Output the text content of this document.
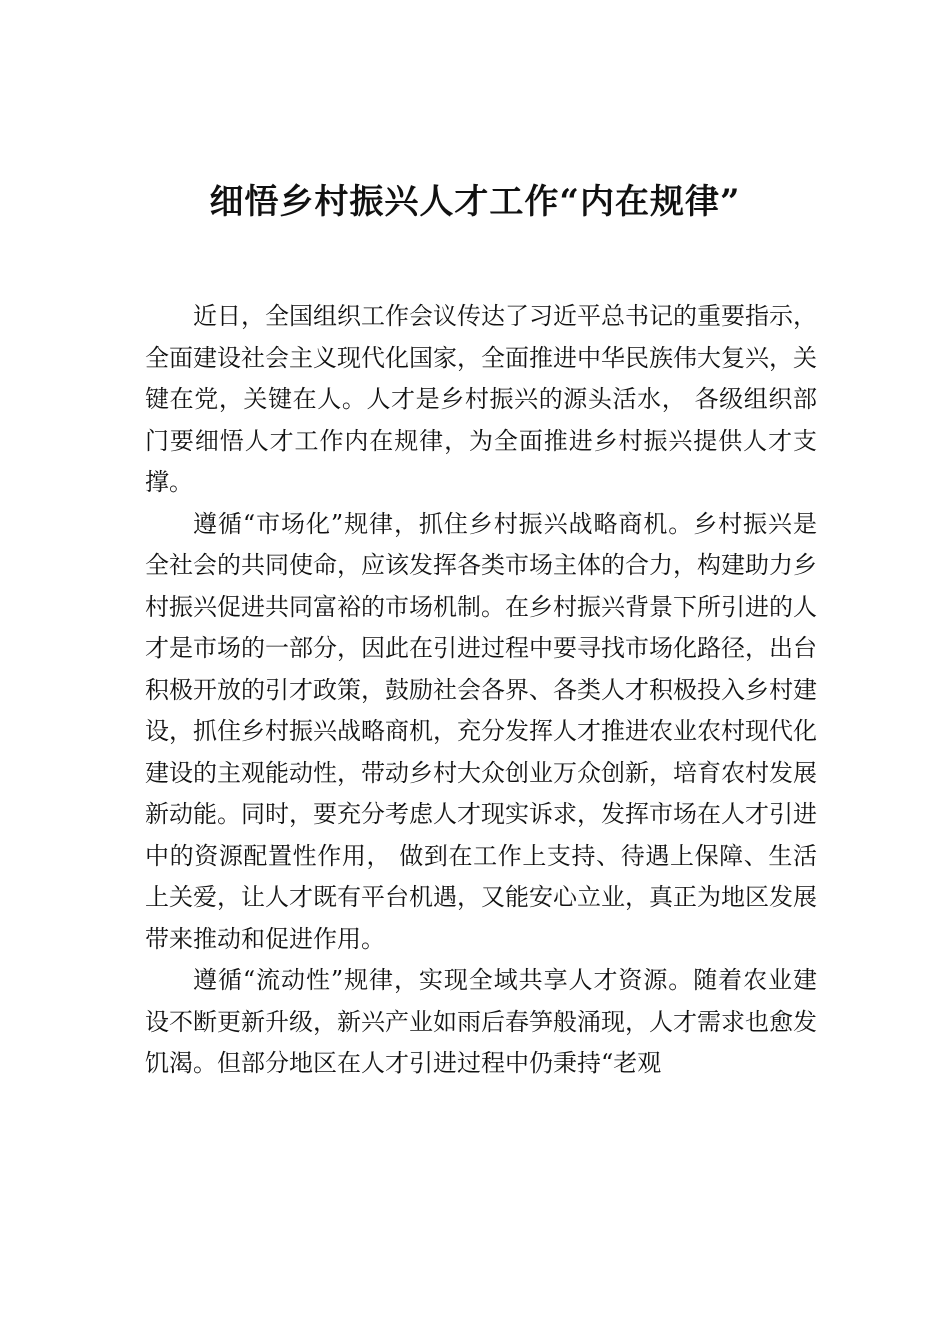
细悟乡村振兴人才工作“内在规律”

近日，全国组织工作会议传达了习近平总书记的重要指示，全面建设社会主义现代化国家，全面推进中华民族伟大复兴，关键在党，关键在人。人才是乡村振兴的源头活水， 各级组织部门要细悟人才工作内在规律，为全面推进乡村振兴提供人才支撑。

遵循“市场化”规律，抓住乡村振兴战略商机。乡村振兴是全社会的共同使命，应该发挥各类市场主体的合力，构建助力乡村振兴促进共同富裕的市场机制。在乡村振兴背景下所引进的人才是市场的一部分，因此在引进过程中要寻找市场化路径，出台积极开放的引才政策，鼓励社会各界、各类人才积极投入乡村建设，抓住乡村振兴战略商机，充分发挥人才推进农业农村现代化建设的主观能动性，带动乡村大众创业万众创新，培育农村发展新动能。同时，要充分考虑人才现实诉求，发挥市场在人才引进中的资源配置性作用， 做到在工作上支持、待遇上保障、生活上关爱，让人才既有平台机遇，又能安心立业，真正为地区发展带来推动和促进作用。

遵循“流动性”规律，实现全域共享人才资源。随着农业建设不断更新升级，新兴产业如雨后春笋般涌现，人才需求也愈发饥渴。但部分地区在人才引进过程中仍秉持“老观
